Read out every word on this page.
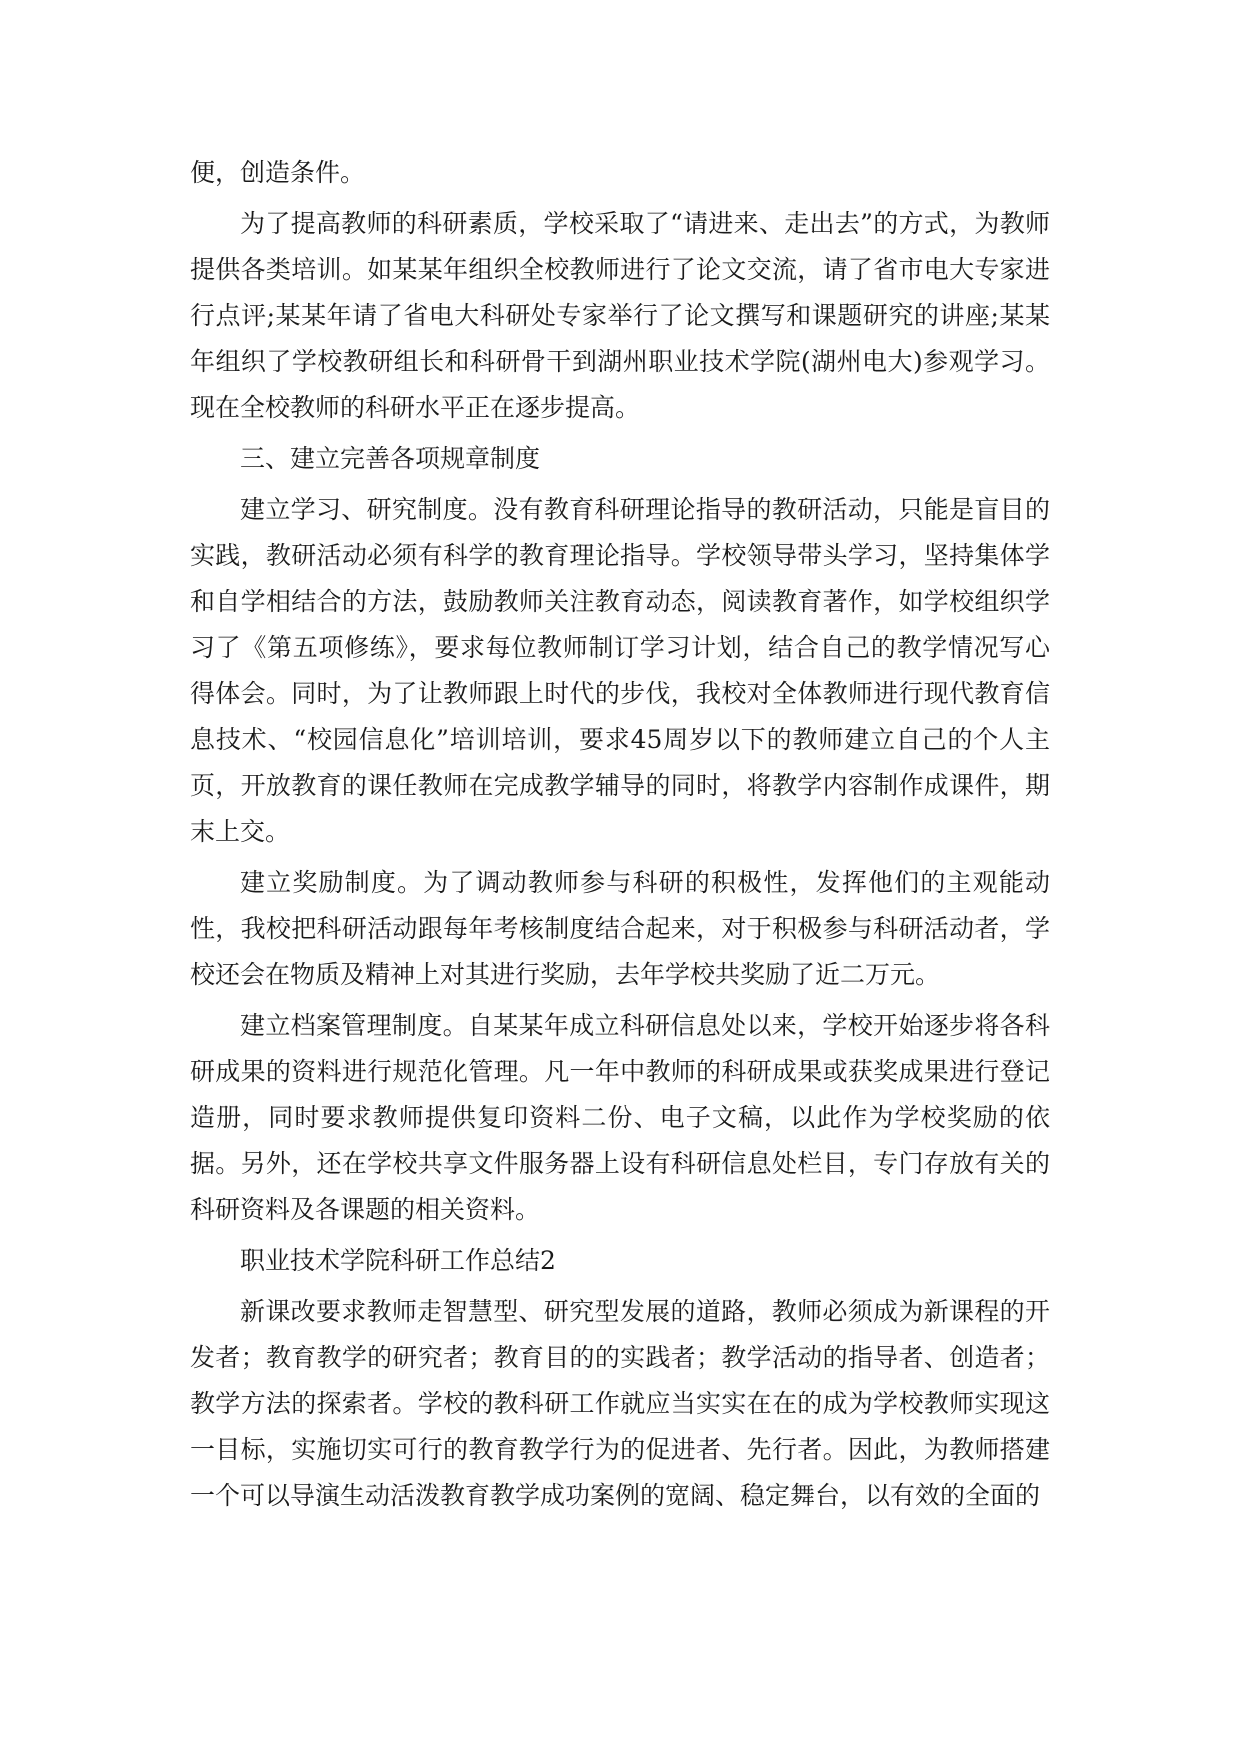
便，创造条件。

为了提高教师的科研素质，学校采取了“请进来、走出去”的方式，为教师提供各类培训。如某某年组织全校教师进行了论文交流，请了省市电大专家进行点评;某某年请了省电大科研处专家举行了论文撰写和课题研究的讲座;某某年组织了学校教研组长和科研骨干到湖州职业技术学院(湖州电大)参观学习。现在全校教师的科研水平正在逐步提高。

三、建立完善各项规章制度

建立学习、研究制度。没有教育科研理论指导的教研活动，只能是盲目的实践，教研活动必须有科学的教育理论指导。学校领导带头学习，坚持集体学和自学相结合的方法，鼓励教师关注教育动态，阅读教育著作，如学校组织学习了《第五项修练》，要求每位教师制订学习计划，结合自己的教学情况写心得体会。同时，为了让教师跟上时代的步伐，我校对全体教师进行现代教育信息技术、“校园信息化”培训培训，要求45周岁以下的教师建立自己的个人主页，开放教育的课任教师在完成教学辅导的同时，将教学内容制作成课件，期末上交。

建立奖励制度。为了调动教师参与科研的积极性，发挥他们的主观能动性，我校把科研活动跟每年考核制度结合起来，对于积极参与科研活动者，学校还会在物质及精神上对其进行奖励，去年学校共奖励了近二万元。

建立档案管理制度。自某某年成立科研信息处以来，学校开始逐步将各科研成果的资料进行规范化管理。凡一年中教师的科研成果或获奖成果进行登记造册，同时要求教师提供复印资料二份、电子文稿，以此作为学校奖励的依据。另外，还在学校共享文件服务器上设有科研信息处栏目，专门存放有关的科研资料及各课题的相关资料。

职业技术学院科研工作总结2

新课改要求教师走智慧型、研究型发展的道路，教师必须成为新课程的开发者；教育教学的研究者；教育目的的实践者；教学活动的指导者、创造者；教学方法的探索者。学校的教科研工作就应当实实在在的成为学校教师实现这一目标，实施切实可行的教育教学行为的促进者、先行者。因此，为教师搭建一个可以导演生动活泼教育教学成功案例的宽阔、稳定舞台，以有效的全面的
